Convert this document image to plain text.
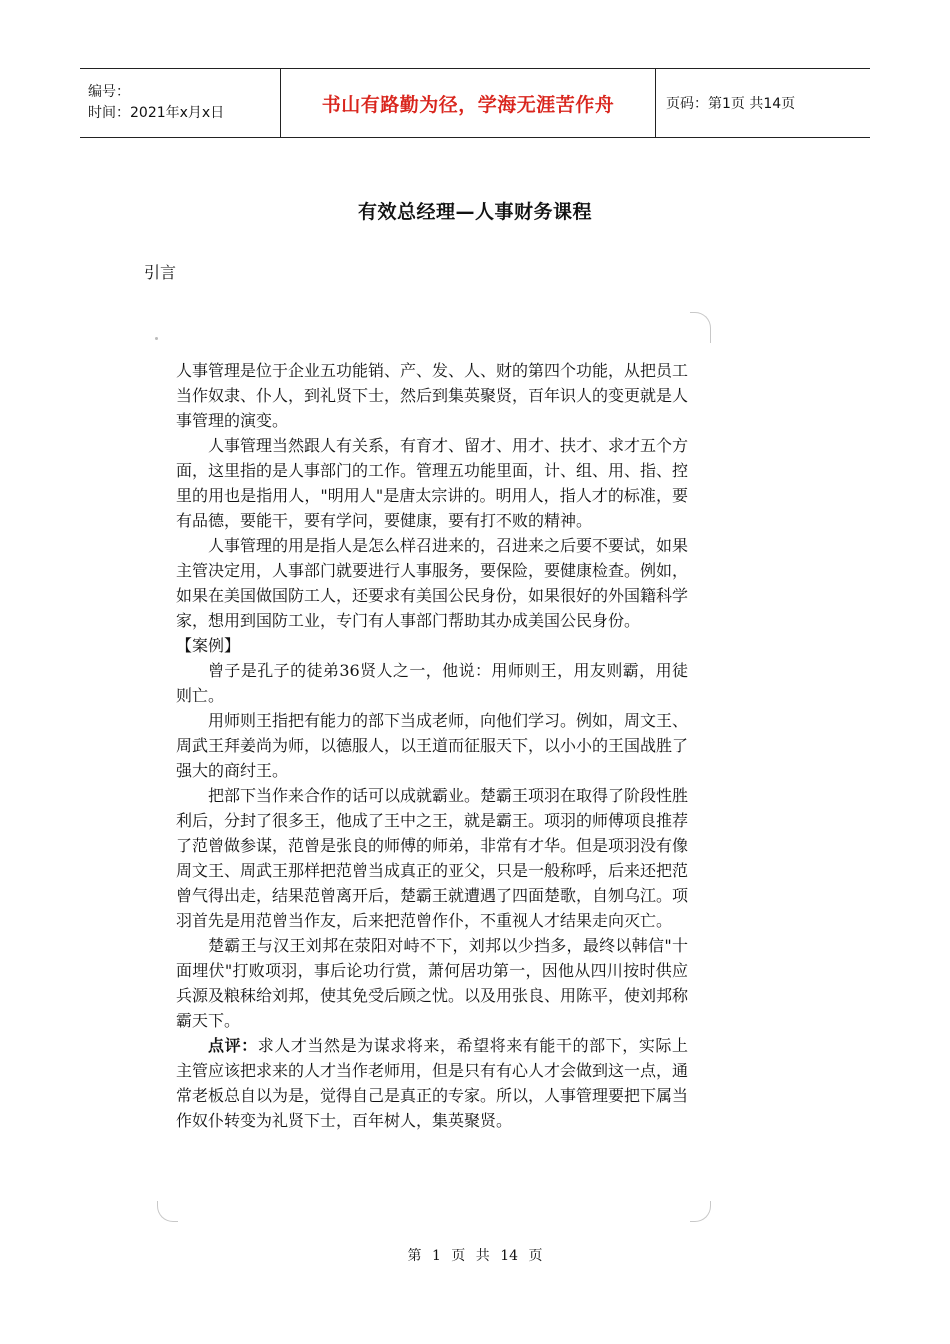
编号：
时间：2021年x月x日	书山有路勤为径，学海无涯苦作舟	页码：第1页 共14页
有效总经理—人事财务课程
引言

人事管理是位于企业五功能销、产、发、人、财的第四个功能，从把员工当作奴隶、仆人，到礼贤下士，然后到集英聚贤，百年识人的变更就是人事管理的演变。

人事管理当然跟人有关系，有育才、留才、用才、扶才、求才五个方面，这里指的是人事部门的工作。管理五功能里面，计、组、用、指、控里的用也是指用人，"明用人"是唐太宗讲的。明用人，指人才的标准，要有品德，要能干，要有学问，要健康，要有打不败的精神。

人事管理的用是指人是怎么样召进来的，召进来之后要不要试，如果主管决定用，人事部门就要进行人事服务，要保险，要健康检查。例如，如果在美国做国防工人，还要求有美国公民身份，如果很好的外国籍科学家，想用到国防工业，专门有人事部门帮助其办成美国公民身份。

【案例】

曾子是孔子的徒弟36贤人之一，他说：用师则王，用友则霸，用徒则亡。

用师则王指把有能力的部下当成老师，向他们学习。例如，周文王、周武王拜姜尚为师，以德服人，以王道而征服天下，以小小的王国战胜了强大的商纣王。

把部下当作来合作的话可以成就霸业。楚霸王项羽在取得了阶段性胜利后，分封了很多王，他成了王中之王，就是霸王。项羽的师傅项良推荐了范曾做参谋，范曾是张良的师傅的师弟，非常有才华。但是项羽没有像周文王、周武王那样把范曾当成真正的亚父，只是一般称呼，后来还把范曾气得出走，结果范曾离开后，楚霸王就遭遇了四面楚歌，自刎乌江。项羽首先是用范曾当作友，后来把范曾作仆，不重视人才结果走向灭亡。

楚霸王与汉王刘邦在荥阳对峙不下，刘邦以少挡多，最终以韩信"十面埋伏"打败项羽，事后论功行赏，萧何居功第一，因他从四川按时供应兵源及粮秣给刘邦，使其免受后顾之忧。以及用张良、用陈平，使刘邦称霸天下。

点评：求人才当然是为谋求将来，希望将来有能干的部下，实际上主管应该把求来的人才当作老师用，但是只有有心人才会做到这一点，通常老板总自以为是，觉得自己是真正的专家。所以，人事管理要把下属当作奴仆转变为礼贤下士，百年树人，集英聚贤。

第 1 页 共 14 页
